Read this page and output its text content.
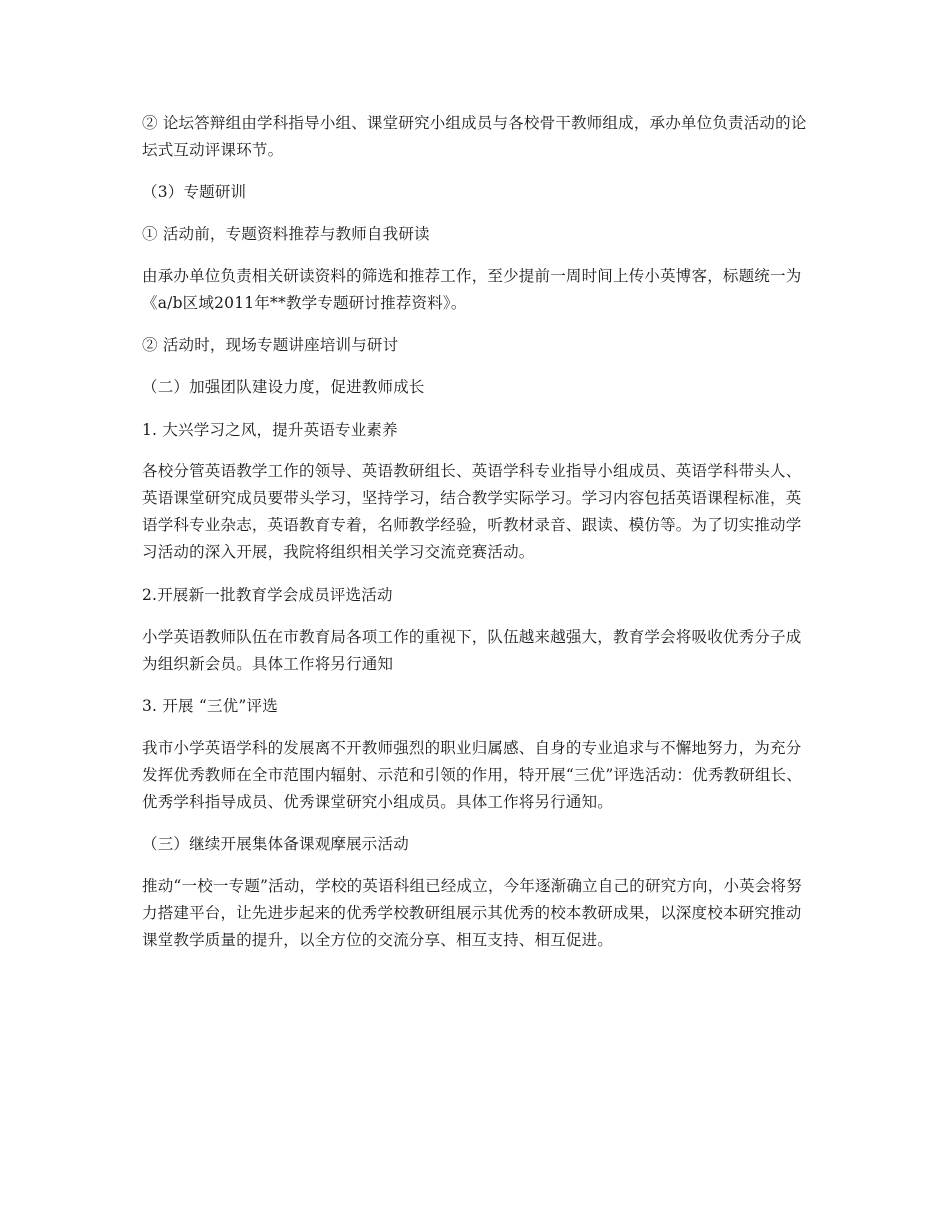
② 论坛答辩组由学科指导小组、课堂研究小组成员与各校骨干教师组成，承办单位负责活动的论坛式互动评课环节。

（3）专题研训

① 活动前，专题资料推荐与教师自我研读

由承办单位负责相关研读资料的筛选和推荐工作，至少提前一周时间上传小英博客，标题统一为《a/b区域2011年**教学专题研讨推荐资料》。

② 活动时，现场专题讲座培训与研讨

（二）加强团队建设力度，促进教师成长

1. 大兴学习之风，提升英语专业素养

各校分管英语教学工作的领导、英语教研组长、英语学科专业指导小组成员、英语学科带头人、英语课堂研究成员要带头学习，坚持学习，结合教学实际学习。学习内容包括英语课程标准，英语学科专业杂志，英语教育专着，名师教学经验，听教材录音、跟读、模仿等。为了切实推动学习活动的深入开展，我院将组织相关学习交流竞赛活动。

2.开展新一批教育学会成员评选活动

小学英语教师队伍在市教育局各项工作的重视下，队伍越来越强大，教育学会将吸收优秀分子成为组织新会员。具体工作将另行通知

3. 开展 “三优”评选

我市小学英语学科的发展离不开教师强烈的职业归属感、自身的专业追求与不懈地努力，为充分发挥优秀教师在全市范围内辐射、示范和引领的作用，特开展“三优”评选活动：优秀教研组长、优秀学科指导成员、优秀课堂研究小组成员。具体工作将另行通知。

（三）继续开展集体备课观摩展示活动

推动“一校一专题”活动，学校的英语科组已经成立，今年逐渐确立自己的研究方向，小英会将努力搭建平台，让先进步起来的优秀学校教研组展示其优秀的校本教研成果，以深度校本研究推动课堂教学质量的提升，以全方位的交流分享、相互支持、相互促进。
